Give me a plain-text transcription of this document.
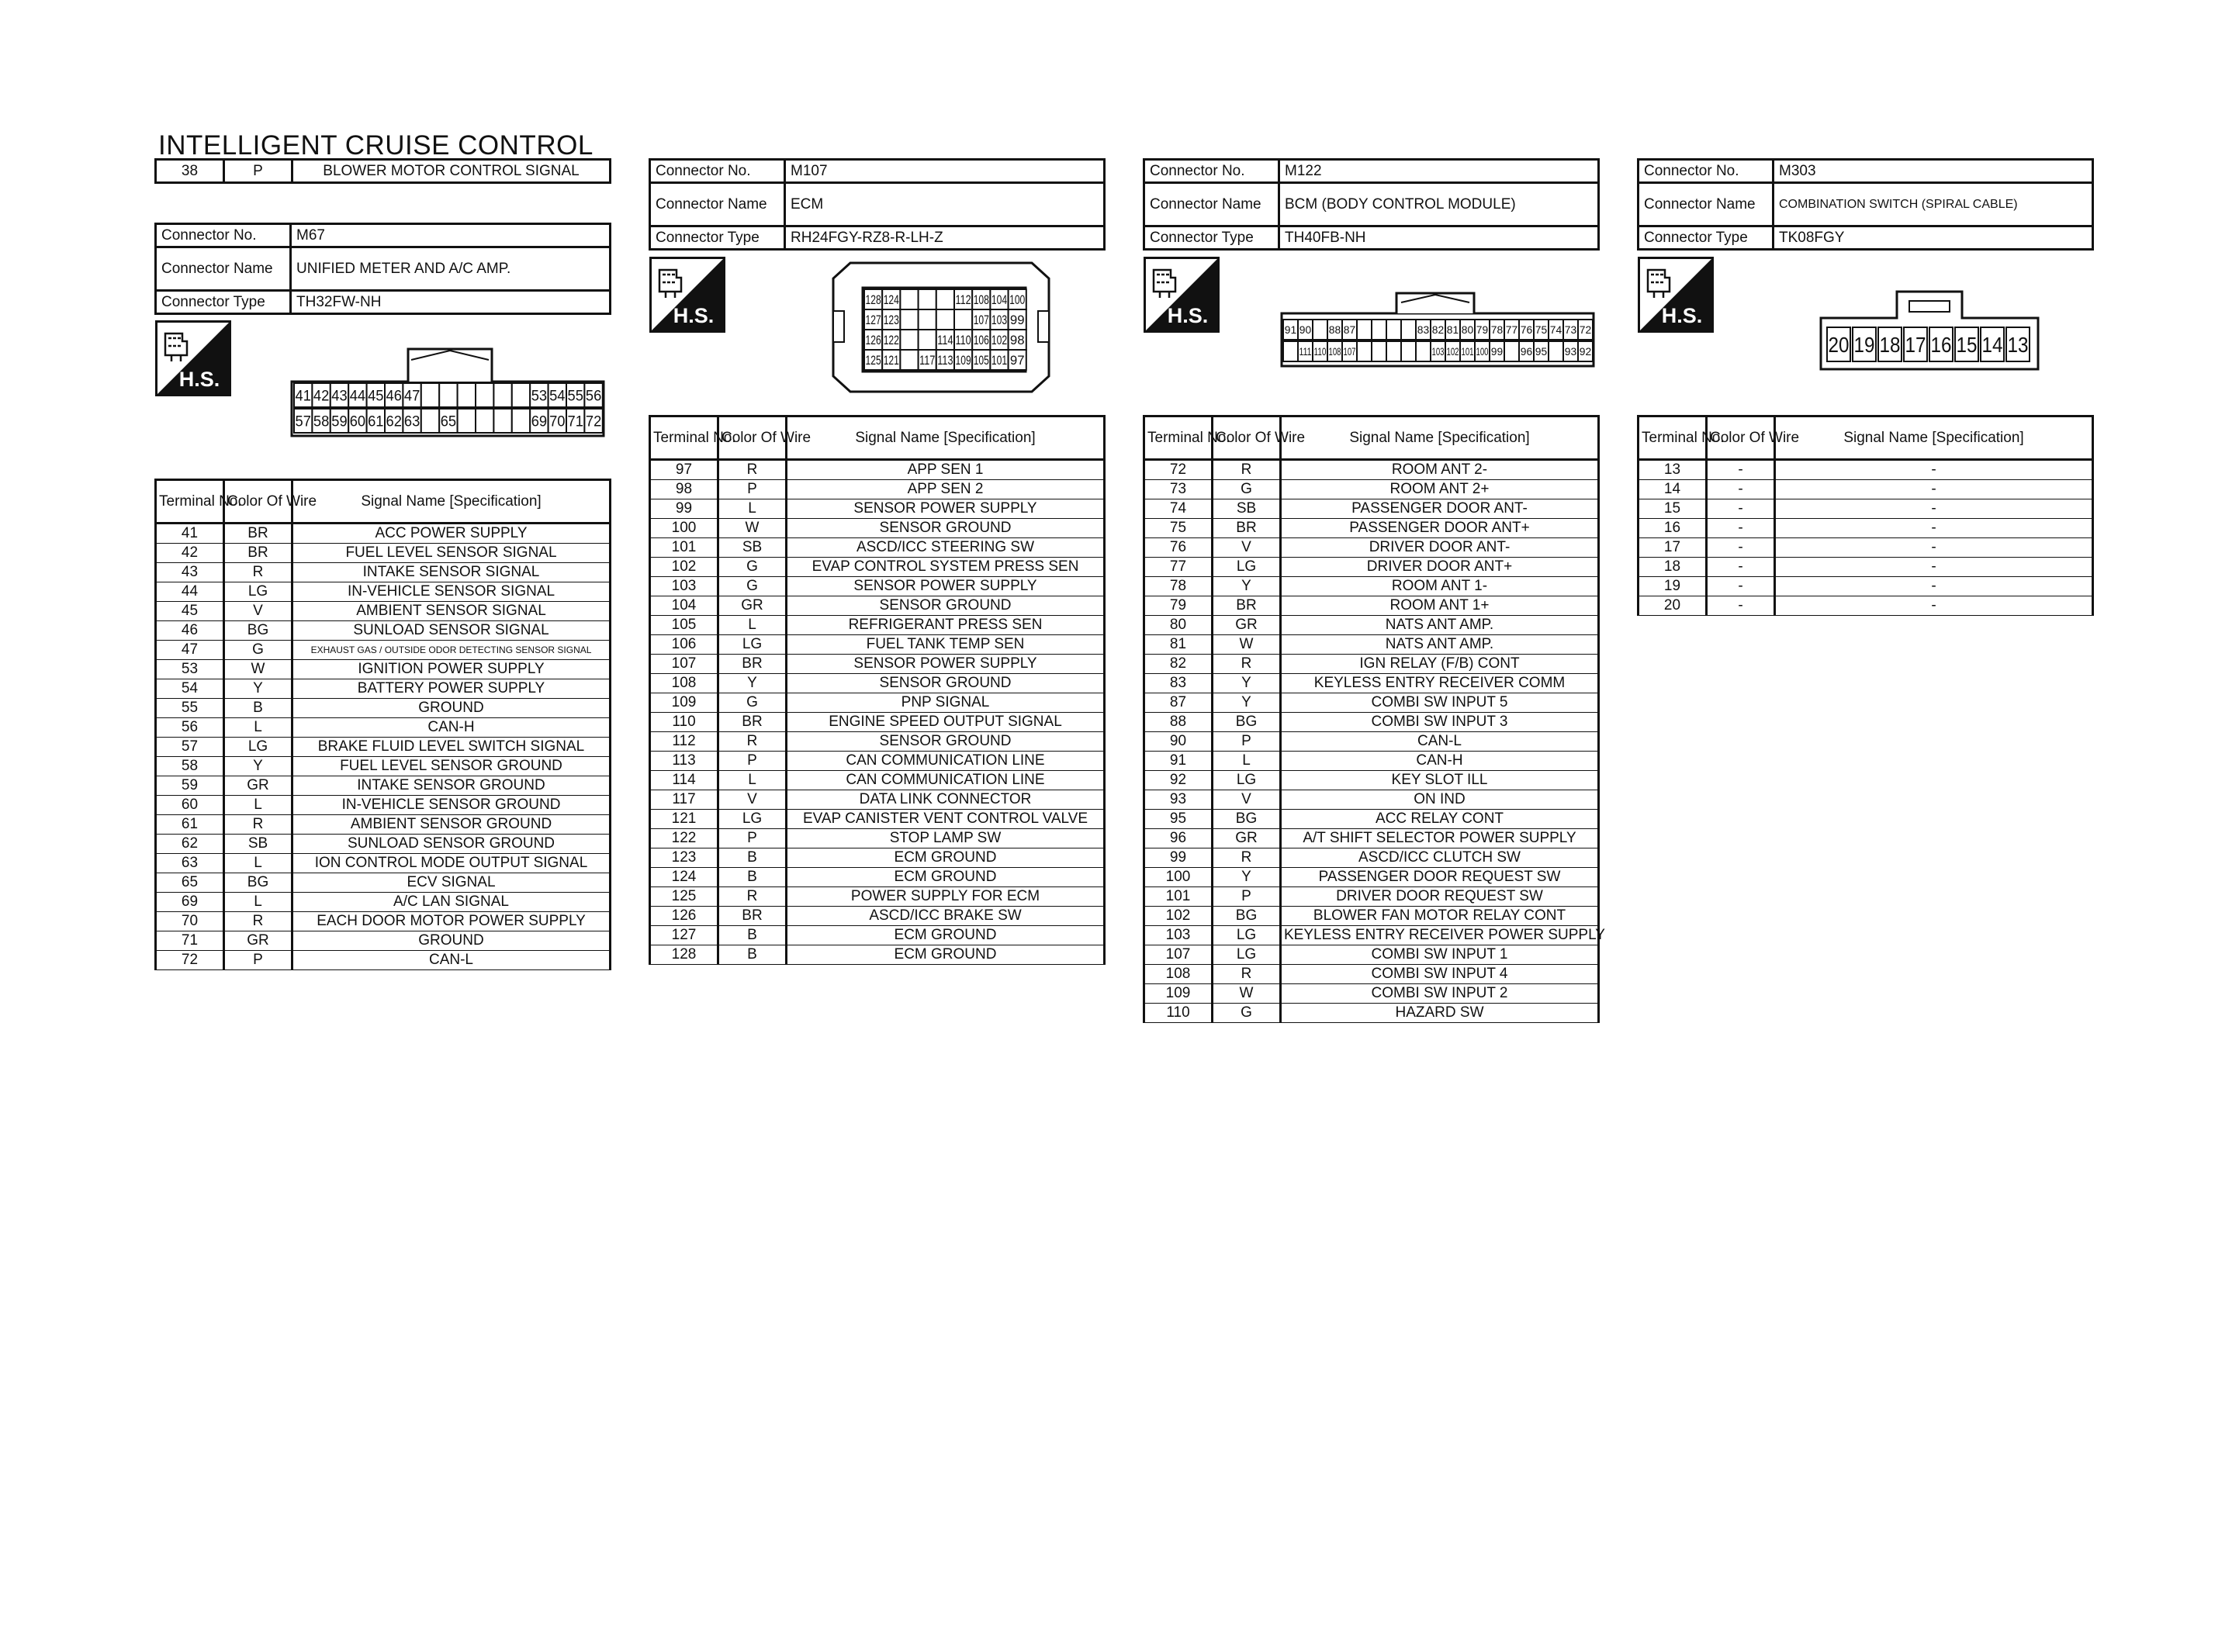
INTELLIGENT CRUISE CONTROL
38	P	BLOWER MOTOR CONTROL SIGNAL
Connector No.	M67
Connector Name	UNIFIED METER AND A/C AMP.
Connector Type	TH32FW-NH
Connector No.	M107
Connector Name	ECM
Connector Type	RH24FGY-RZ8-R-LH-Z
Connector No.	M122
Connector Name	BCM (BODY CONTROL MODULE)
Connector Type	TH40FB-NH
Connector No.	M303
Connector Name	COMBINATION SWITCH (SPIRAL CABLE)
Connector Type	TK08FGY
H.S.
H.S.	H.S.	H.S.
41 42 43 44 45 46 47	53 54 55 56
57 58 59 60 61 62 63 65	69 70 71 72
128 124	112 108 104 100
127 123	107 103 99
126 122	114 110 106 102 98
125 121 117 113 109 105 101 97
91 90 88 87	83 82 81 80 79 78 77 76 75 74 73 72
111 110 108 107	103 102 101 100 99 96 95 93 92	20 19 18 17 16 15 14 13
Terminal No.	Color Of Wire	Signal Name [Specification]
41	BR	ACC POWER SUPPLY
42	BR	FUEL LEVEL SENSOR SIGNAL
43	R	INTAKE SENSOR SIGNAL
44	LG	IN-VEHICLE SENSOR SIGNAL
45	V	AMBIENT SENSOR SIGNAL
46	BG	SUNLOAD SENSOR SIGNAL
47	G	EXHAUST GAS / OUTSIDE ODOR DETECTING SENSOR SIGNAL
53	W	IGNITION POWER SUPPLY
54	Y	BATTERY POWER SUPPLY
55	B	GROUND
56	L	CAN-H
57	LG	BRAKE FLUID LEVEL SWITCH SIGNAL
58	Y	FUEL LEVEL SENSOR GROUND
59	GR	INTAKE SENSOR GROUND
60	L	IN-VEHICLE SENSOR GROUND
61	R	AMBIENT SENSOR GROUND
62	SB	SUNLOAD SENSOR GROUND
63	L	ION CONTROL MODE OUTPUT SIGNAL
65	BG	ECV SIGNAL
69	L	A/C LAN SIGNAL
70	R	EACH DOOR MOTOR POWER SUPPLY
71	GR	GROUND
72	P	CAN-L
Terminal No.	Color Of Wire	Signal Name [Specification]
97	R	APP SEN 1
98	P	APP SEN 2
99	L	SENSOR POWER SUPPLY
100	W	SENSOR GROUND
101	SB	ASCD/ICC STEERING SW
102	G	EVAP CONTROL SYSTEM PRESS SEN
103	G	SENSOR POWER SUPPLY
104	GR	SENSOR GROUND
105	L	REFRIGERANT PRESS SEN
106	LG	FUEL TANK TEMP SEN
107	BR	SENSOR POWER SUPPLY
108	Y	SENSOR GROUND
109	G	PNP SIGNAL
110	BR	ENGINE SPEED OUTPUT SIGNAL
112	R	SENSOR GROUND
113	P	CAN COMMUNICATION LINE
114	L	CAN COMMUNICATION LINE
117	V	DATA LINK CONNECTOR
121	LG	EVAP CANISTER VENT CONTROL VALVE
122	P	STOP LAMP SW
123	B	ECM GROUND
124	B	ECM GROUND
125	R	POWER SUPPLY FOR ECM
126	BR	ASCD/ICC BRAKE SW
127	B	ECM GROUND
128	B	ECM GROUND
Terminal No.	Color Of Wire	Signal Name [Specification]
72	R	ROOM ANT 2-
73	G	ROOM ANT 2+
74	SB	PASSENGER DOOR ANT-
75	BR	PASSENGER DOOR ANT+
76	V	DRIVER DOOR ANT-
77	LG	DRIVER DOOR ANT+
78	Y	ROOM ANT 1-
79	BR	ROOM ANT 1+
80	GR	NATS ANT AMP.
81	W	NATS ANT AMP.
82	R	IGN RELAY (F/B) CONT
83	Y	KEYLESS ENTRY RECEIVER COMM
87	Y	COMBI SW INPUT 5
88	BG	COMBI SW INPUT 3
90	P	CAN-L
91	L	CAN-H
92	LG	KEY SLOT ILL
93	V	ON IND
95	BG	ACC RELAY CONT
96	GR	A/T SHIFT SELECTOR POWER SUPPLY
99	R	ASCD/ICC CLUTCH SW
100	Y	PASSENGER DOOR REQUEST SW
101	P	DRIVER DOOR REQUEST SW
102	BG	BLOWER FAN MOTOR RELAY CONT
103	LG	KEYLESS ENTRY RECEIVER POWER SUPPLY
107	LG	COMBI SW INPUT 1
108	R	COMBI SW INPUT 4
109	W	COMBI SW INPUT 2
110	G	HAZARD SW
Terminal No.	Color Of Wire	Signal Name [Specification]
13	-	-
14	-	-
15	-	-
16	-	-
17	-	-
18	-	-
19	-	-
20	-	-
